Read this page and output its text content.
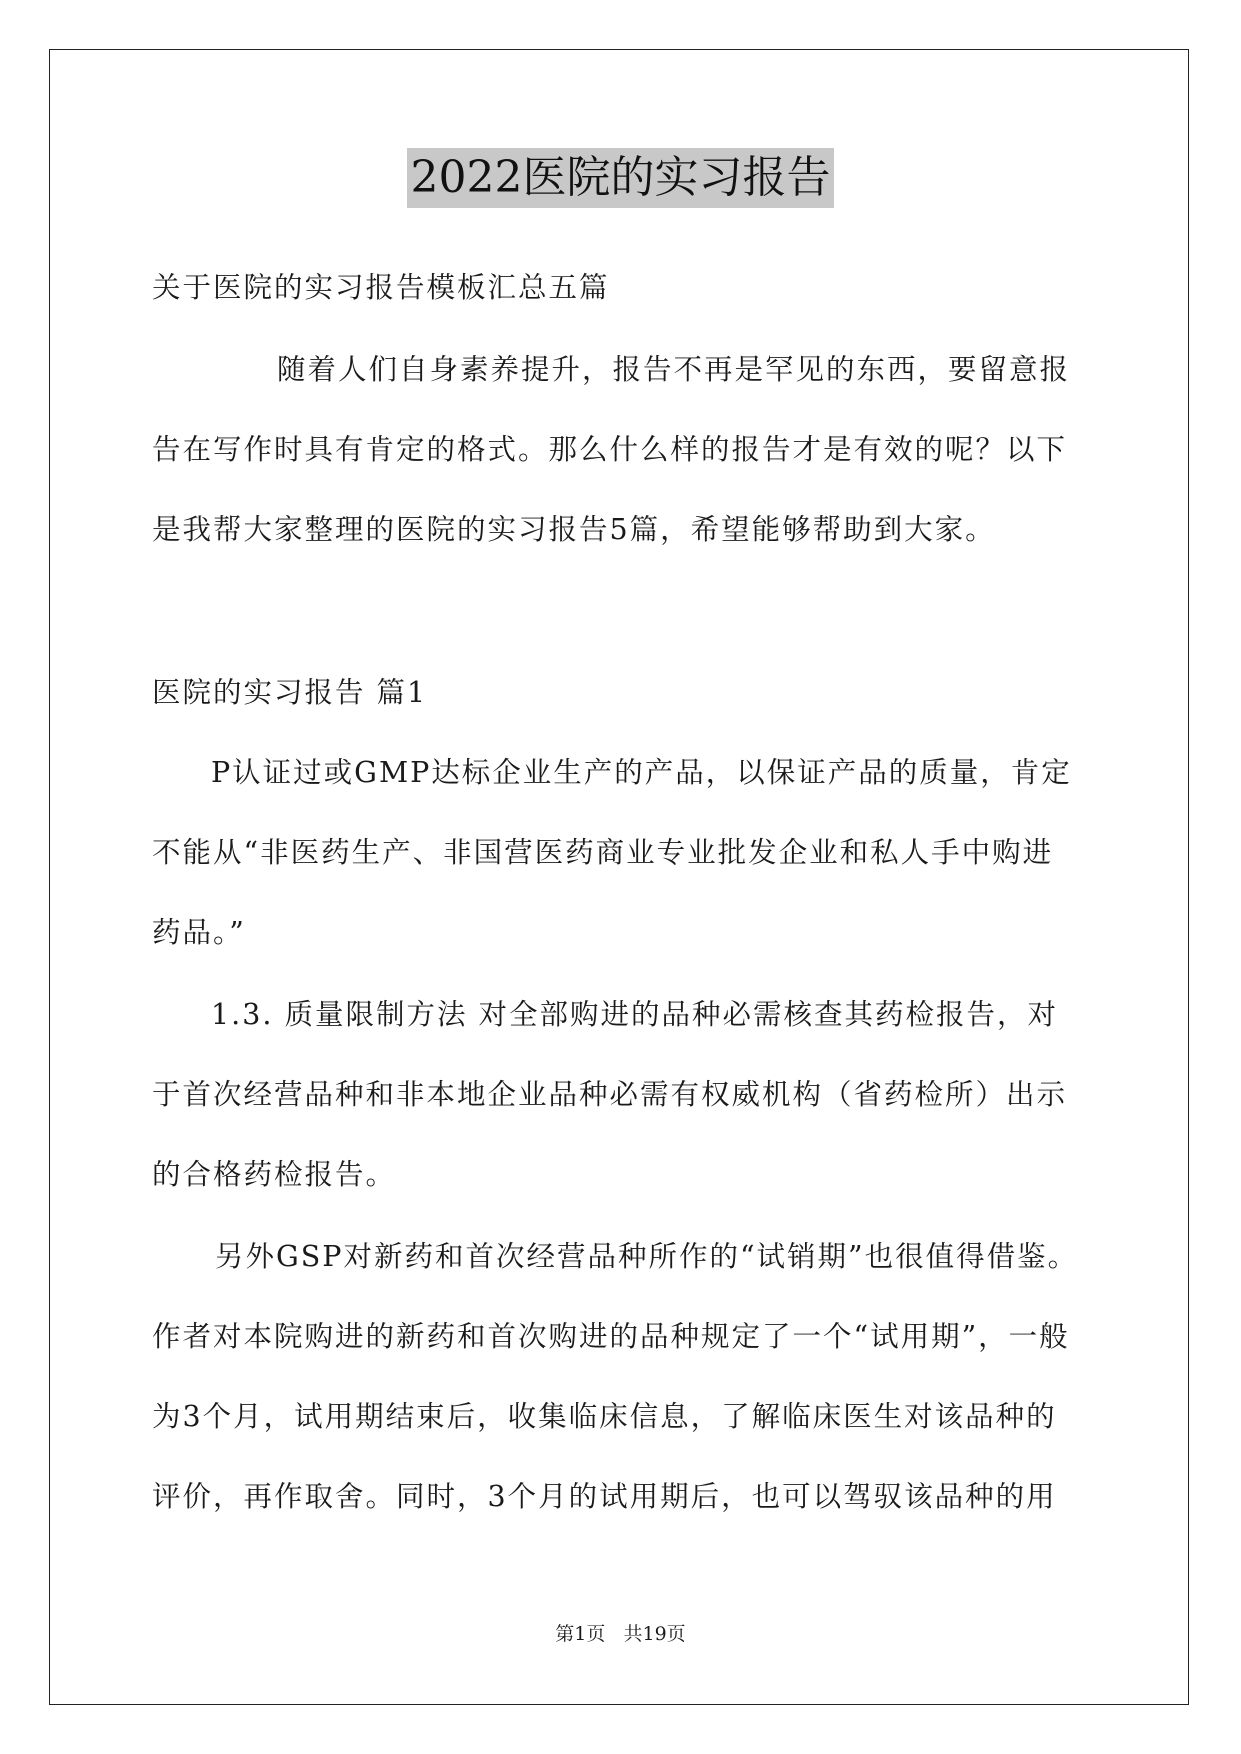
2022医院的实习报告
关于医院的实习报告模板汇总五篇
随着人们自身素养提升，报告不再是罕见的东西，要留意报
告在写作时具有肯定的格式。那么什么样的报告才是有效的呢？以下
是我帮大家整理的医院的实习报告5篇，希望能够帮助到大家。
医院的实习报告 篇1
P认证过或GMP达标企业生产的产品，以保证产品的质量，肯定
不能从“非医药生产、非国营医药商业专业批发企业和私人手中购进
药品。”
1.3. 质量限制方法 对全部购进的品种必需核查其药检报告，对
于首次经营品种和非本地企业品种必需有权威机构（省药检所）出示
的合格药检报告。
另外GSP对新药和首次经营品种所作的“试销期”也很值得借鉴。
作者对本院购进的新药和首次购进的品种规定了一个“试用期”，一般
为3个月，试用期结束后，收集临床信息，了解临床医生对该品种的
评价，再作取舍。同时，3个月的试用期后，也可以驾驭该品种的用
第1页   共19页
